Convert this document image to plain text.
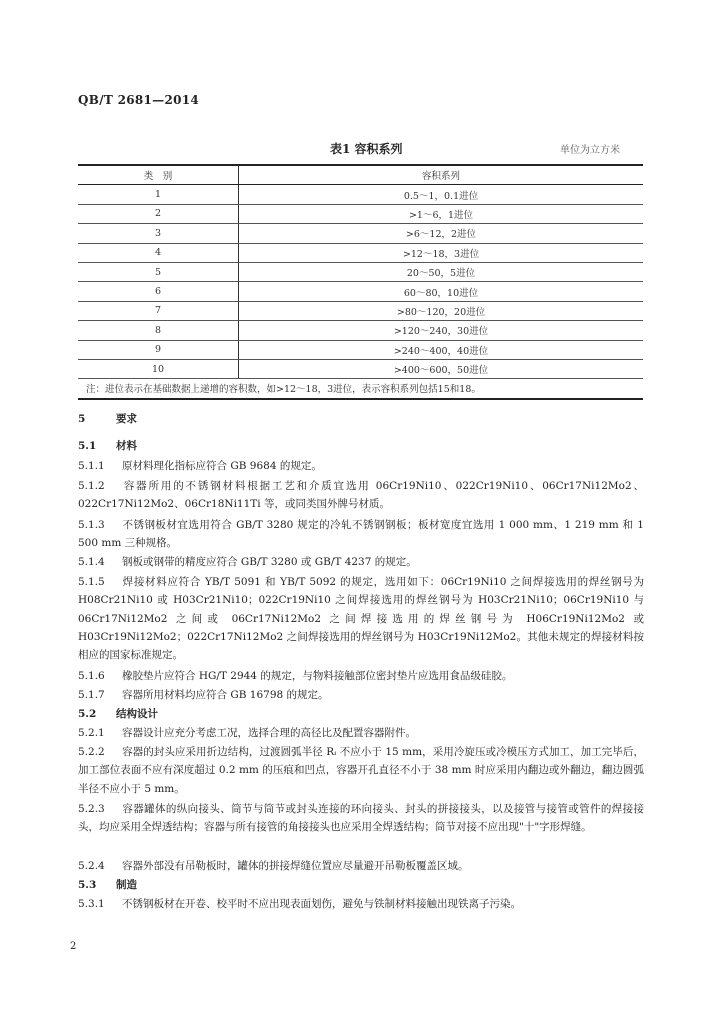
QB/T 2681—2014
表1 容积系列	单位为立方米
类　别	容积系列
1	0.5～1，0.1进位
2	>1～6，1进位
3	>6～12，2进位
4	>12～18，3进位
5	20～50，5进位
6	60～80，10进位
7	>80～120，20进位
8	>120～240，30进位
9	>240～400，40进位
10	>400～600，50进位
注：进位表示在基础数据上递增的容积数，如>12～18，3进位，表示容积系列包括15和18。	
5	要求
5.1 材料
5.1.1 原材料理化指标应符合 GB 9684 的规定。
5.1.2 容器所用的不锈钢材料根据工艺和介质宜选用 06Cr19Ni10、022Cr19Ni10、06Cr17Ni12Mo2、022Cr17Ni12Mo2、06Cr18Ni11Ti 等，或同类国外牌号材质。
5.1.3 不锈钢板材宜选用符合 GB/T 3280 规定的冷轧不锈钢钢板；板材宽度宜选用 1 000 mm、1 219 mm 和 1 500 mm 三种规格。
5.1.4 钢板或钢带的精度应符合 GB/T 3280 或 GB/T 4237 的规定。
5.1.5 焊接材料应符合 YB/T 5091 和 YB/T 5092 的规定，选用如下：06Cr19Ni10 之间焊接选用的焊丝钢号为 H08Cr21Ni10 或 H03Cr21Ni10；022Cr19Ni10 之间焊接选用的焊丝钢号为 H03Cr21Ni10；06Cr19Ni10 与 06Cr17Ni12Mo2 之间或 06Cr17Ni12Mo2 之间焊接选用的焊丝钢号为 H06Cr19Ni12Mo2 或 H03Cr19Ni12Mo2；022Cr17Ni12Mo2 之间焊接选用的焊丝钢号为 H03Cr19Ni12Mo2。其他未规定的焊接材料按相应的国家标准规定。
5.1.6 橡胶垫片应符合 HG/T 2944 的规定，与物料接触部位密封垫片应选用食品级硅胶。
5.1.7 容器所用材料均应符合 GB 16798 的规定。
5.2 结构设计
5.2.1 容器设计应充分考虑工况，选择合理的高径比及配置容器附件。
5.2.2 容器的封头应采用折边结构，过渡圆弧半径 Rᵢ 不应小于 15 mm，采用冷旋压或冷模压方式加工，加工完毕后，加工部位表面不应有深度超过 0.2 mm 的压痕和凹点，容器开孔直径不小于 38 mm 时应采用内翻边或外翻边，翻边圆弧半径不应小于 5 mm。
5.2.3 容器罐体的纵向接头、筒节与筒节或封头连接的环向接头、封头的拼接接头，以及接管与接管或管件的焊接接头，均应采用全焊透结构；容器与所有接管的角接接头也应采用全焊透结构；筒节对接不应出现"十"字形焊缝。
5.2.4 容器外部没有吊勒板时，罐体的拼接焊缝位置应尽量避开吊勒板覆盖区域。
5.3 制造
5.3.1 不锈钢板材在开卷、校平时不应出现表面划伤，避免与铁制材料接触出现铁离子污染。
2
